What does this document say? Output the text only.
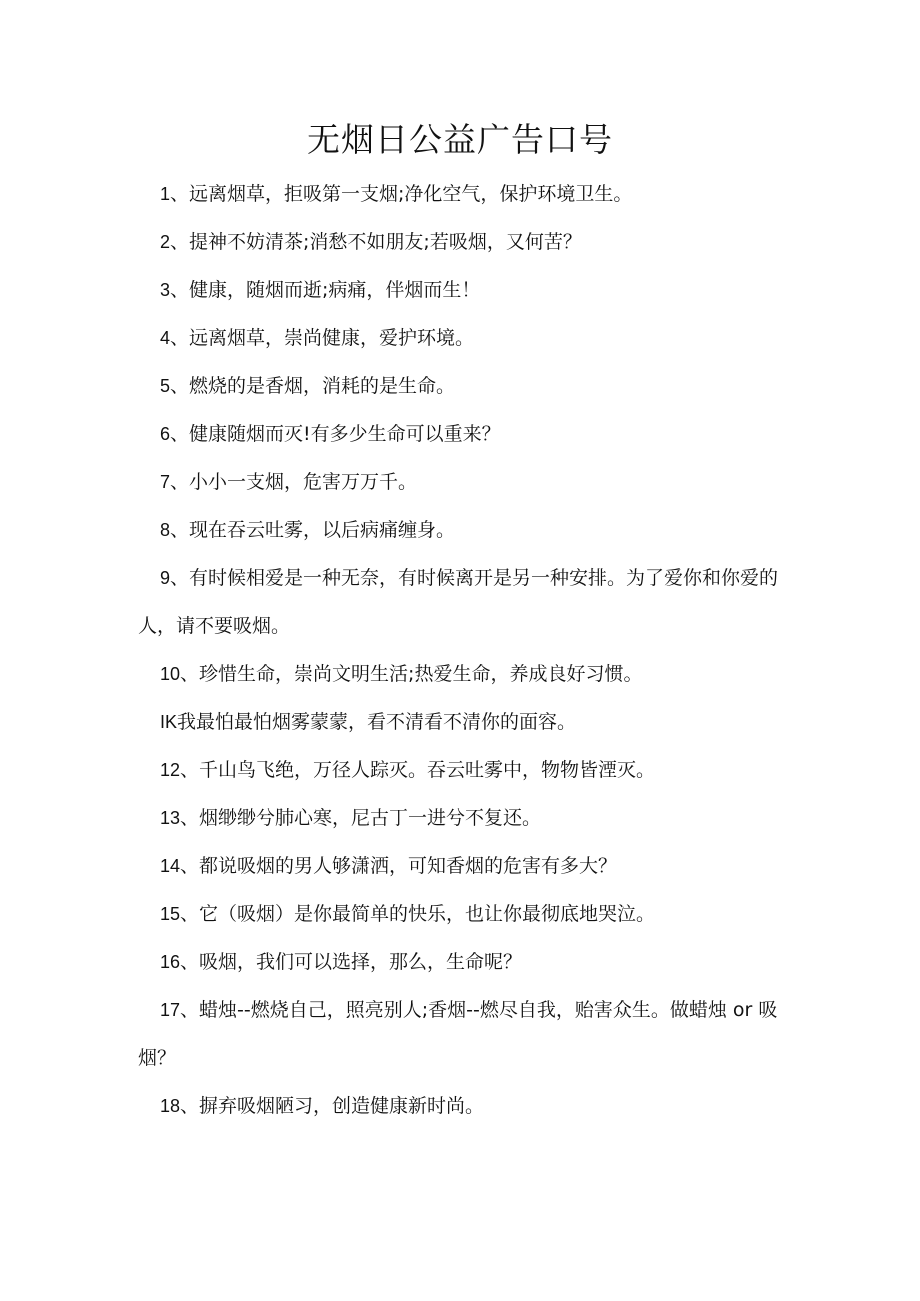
无烟日公益广告口号

1、远离烟草，拒吸第一支烟;净化空气，保护环境卫生。

2、提神不妨清茶;消愁不如朋友;若吸烟，又何苦？

3、健康，随烟而逝;病痛，伴烟而生！

4、远离烟草，崇尚健康，爱护环境。

5、燃烧的是香烟，消耗的是生命。

6、健康随烟而灭!有多少生命可以重来？

7、小小一支烟，危害万万千。

8、现在吞云吐雾，以后病痛缠身。

9、有时候相爱是一种无奈，有时候离开是另一种安排。为了爱你和你爱的人，请不要吸烟。

10、珍惜生命，崇尚文明生活;热爱生命，养成良好习惯。

IK我最怕最怕烟雾蒙蒙，看不清看不清你的面容。

12、千山鸟飞绝，万径人踪灭。吞云吐雾中，物物皆湮灭。

13、烟缈缈兮肺心寒，尼古丁一进兮不复还。

14、都说吸烟的男人够潇洒，可知香烟的危害有多大？

15、它（吸烟）是你最简单的快乐，也让你最彻底地哭泣。

16、吸烟，我们可以选择，那么，生命呢？

17、蜡烛--燃烧自己，照亮别人;香烟--燃尽自我，贻害众生。做蜡烛 or 吸烟？

18、摒弃吸烟陋习，创造健康新时尚。
